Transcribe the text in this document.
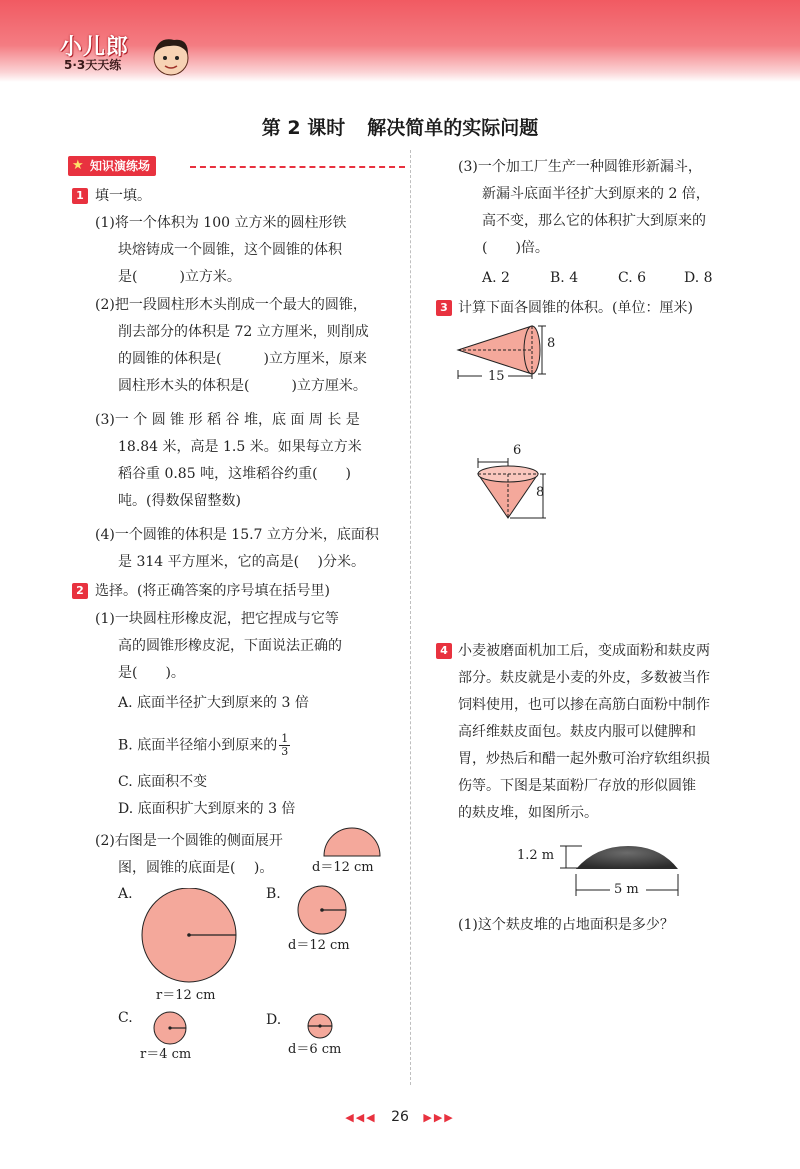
小儿郎
5·3天天练
第 2 课时 解决简单的实际问题
★ 知识演练场
1 填一填。
(1)将一个体积为 100 立方米的圆柱形铁
块熔铸成一个圆锥，这个圆锥的体积
是(　　　)立方米。
(2)把一段圆柱形木头削成一个最大的圆锥，
削去部分的体积是 72 立方厘米，则削成
的圆锥的体积是(　　　)立方厘米，原来
圆柱形木头的体积是(　　　)立方厘米。
(3)一 个 圆 锥 形 稻 谷 堆，底 面 周 长 是
18.84 米，高是 1.5 米。如果每立方米
稻谷重 0.85 吨，这堆稻谷约重(　　)
吨。(得数保留整数)
(4)一个圆锥的体积是 15.7 立方分米，底面积
是 314 平方厘米，它的高是(　 )分米。
2 选择。(将正确答案的序号填在括号里)
(1)一块圆柱形橡皮泥，把它捏成与它等
高的圆锥形橡皮泥，下面说法正确的
是(　　)。
A. 底面半径扩大到原来的 3 倍
B. 底面半径缩小到原来的 $\frac{1}{3}$
C. 底面积不变
D. 底面积扩大到原来的 3 倍
(2)右图是一个圆锥的侧面展开
图，圆锥的底面是(　 )。	d＝12 cm
A.
r＝12 cm
B.
d＝12 cm
C.
r＝4 cm
D.
d＝6 cm
(3)一个加工厂生产一种圆锥形新漏斗，
新漏斗底面半径扩大到原来的 2 倍，
高不变，那么它的体积扩大到原来的
(　　)倍。
A. 2	B. 4	C. 6	D. 8
3 计算下面各圆锥的体积。(单位：厘米)
8
15
6
8
4 小麦被磨面机加工后，变成面粉和麸皮两
部分。麸皮就是小麦的外皮，多数被当作
饲料使用，也可以掺在高筋白面粉中制作
高纤维麸皮面包。麸皮内服可以健脾和
胃，炒热后和醋一起外敷可治疗软组织损
伤等。下图是某面粉厂存放的形似圆锥
的麸皮堆，如图所示。
1.2 m
5 m
(1)这个麸皮堆的占地面积是多少？
◀◀◀ 26 ▶▶▶
